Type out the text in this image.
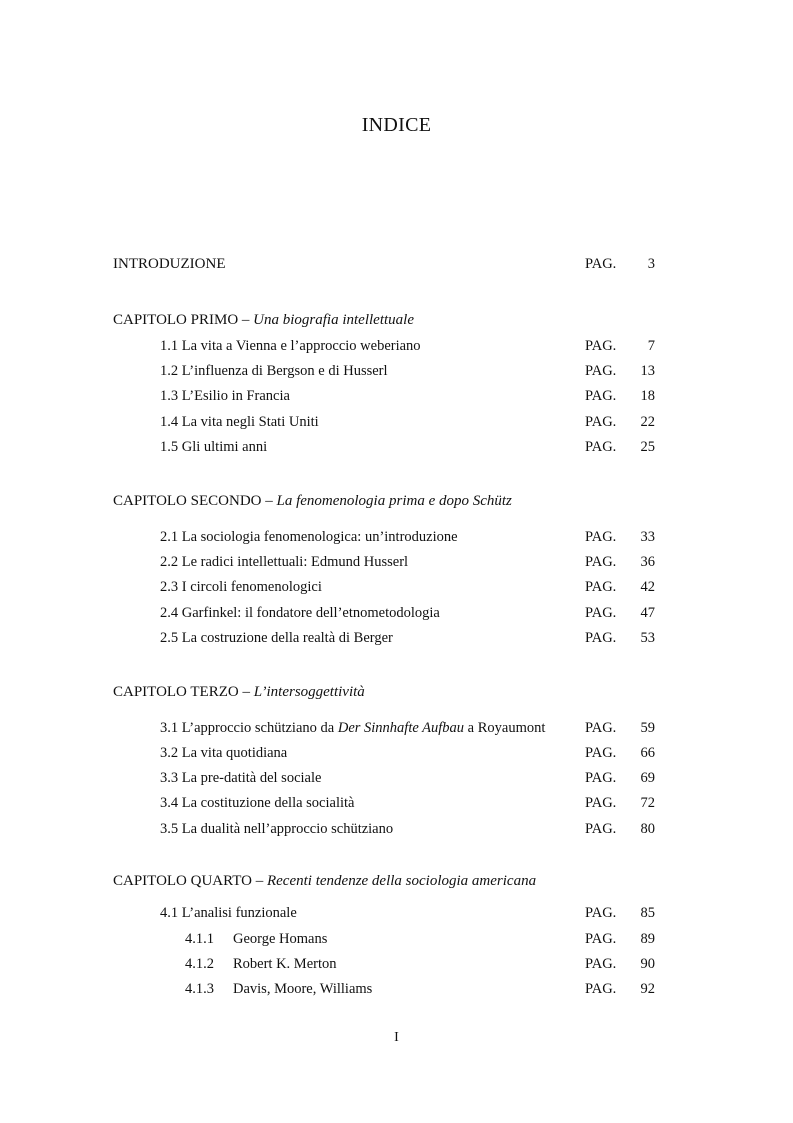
INDICE
INTRODUZIONE	PAG. 3
CAPITOLO PRIMO – Una biografia intellettuale
1.1 La vita a Vienna e l’approccio weberiano	PAG. 7
1.2 L’influenza di Bergson e di Husserl	PAG. 13
1.3 L’Esilio in Francia	PAG. 18
1.4 La vita negli Stati Uniti	PAG. 22
1.5 Gli ultimi anni	PAG. 25
CAPITOLO SECONDO – La fenomenologia prima e dopo Schütz
2.1 La sociologia fenomenologica: un’introduzione	PAG. 33
2.2 Le radici intellettuali: Edmund Husserl	PAG. 36
2.3 I circoli fenomenologici	PAG. 42
2.4 Garfinkel: il fondatore dell’etnometodologia	PAG. 47
2.5 La costruzione della realtà di Berger	PAG. 53
CAPITOLO TERZO – L’intersoggettività
3.1 L’approccio schütziano da Der Sinnhafte Aufbau a Royaumont	PAG. 59
3.2 La vita quotidiana	PAG. 66
3.3 La pre-datità del sociale	PAG. 69
3.4 La costituzione della socialità	PAG. 72
3.5 La dualità nell’approccio schütziano	PAG. 80
CAPITOLO QUARTO – Recenti tendenze della sociologia americana
4.1 L’analisi funzionale	PAG. 85
4.1.1 George Homans	PAG. 89
4.1.2 Robert K. Merton	PAG. 90
4.1.3 Davis, Moore, Williams	PAG. 92
I
